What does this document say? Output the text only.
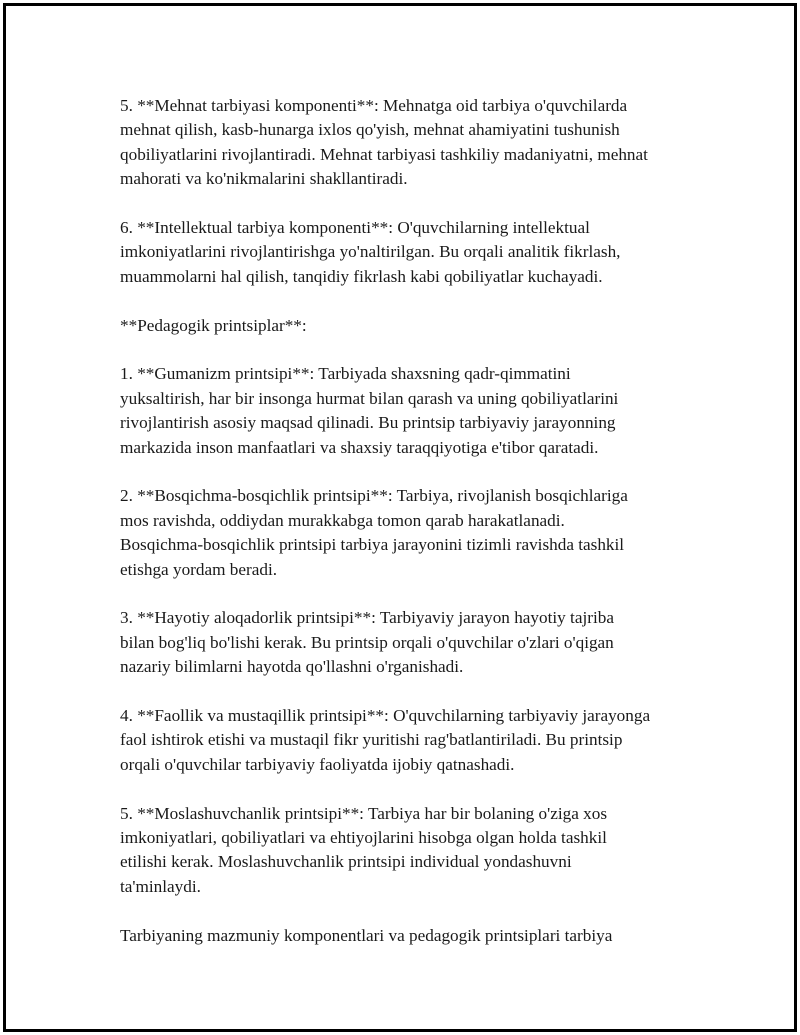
5. **Mehnat tarbiyasi komponenti**: Mehnatga oid tarbiya o'quvchilarda
mehnat qilish, kasb-hunarga ixlos qo'yish, mehnat ahamiyatini tushunish
qobiliyatlarini rivojlantiradi. Mehnat tarbiyasi tashkiliy madaniyatni, mehnat
mahorati va ko'nikmalarini shakllantiradi.

6. **Intellektual tarbiya komponenti**: O'quvchilarning intellektual
imkoniyatlarini rivojlantirishga yo'naltirilgan. Bu orqali analitik fikrlash,
muammolarni hal qilish, tanqidiy fikrlash kabi qobiliyatlar kuchayadi.

**Pedagogik printsiplar**:

1. **Gumanizm printsipi**: Tarbiyada shaxsning qadr-qimmatini
yuksaltirish, har bir insonga hurmat bilan qarash va uning qobiliyatlarini
rivojlantirish asosiy maqsad qilinadi. Bu printsip tarbiyaviy jarayonning
markazida inson manfaatlari va shaxsiy taraqqiyotiga e'tibor qaratadi.

2. **Bosqichma-bosqichlik printsipi**: Tarbiya, rivojlanish bosqichlariga
mos ravishda, oddiydan murakkabga tomon qarab harakatlanadi.
Bosqichma-bosqichlik printsipi tarbiya jarayonini tizimli ravishda tashkil
etishga yordam beradi.

3. **Hayotiy aloqadorlik printsipi**: Tarbiyaviy jarayon hayotiy tajriba
bilan bog'liq bo'lishi kerak. Bu printsip orqali o'quvchilar o'zlari o'qigan
nazariy bilimlarni hayotda qo'llashni o'rganishadi.

4. **Faollik va mustaqillik printsipi**: O'quvchilarning tarbiyaviy jarayonga
faol ishtirok etishi va mustaqil fikr yuritishi rag'batlantiriladi. Bu printsip
orqali o'quvchilar tarbiyaviy faoliyatda ijobiy qatnashadi.

5. **Moslashuvchanlik printsipi**: Tarbiya har bir bolaning o'ziga xos
imkoniyatlari, qobiliyatlari va ehtiyojlarini hisobga olgan holda tashkil
etilishi kerak. Moslashuvchanlik printsipi individual yondashuvni
ta'minlaydi.

Tarbiyaning mazmuniy komponentlari va pedagogik printsiplari tarbiya
